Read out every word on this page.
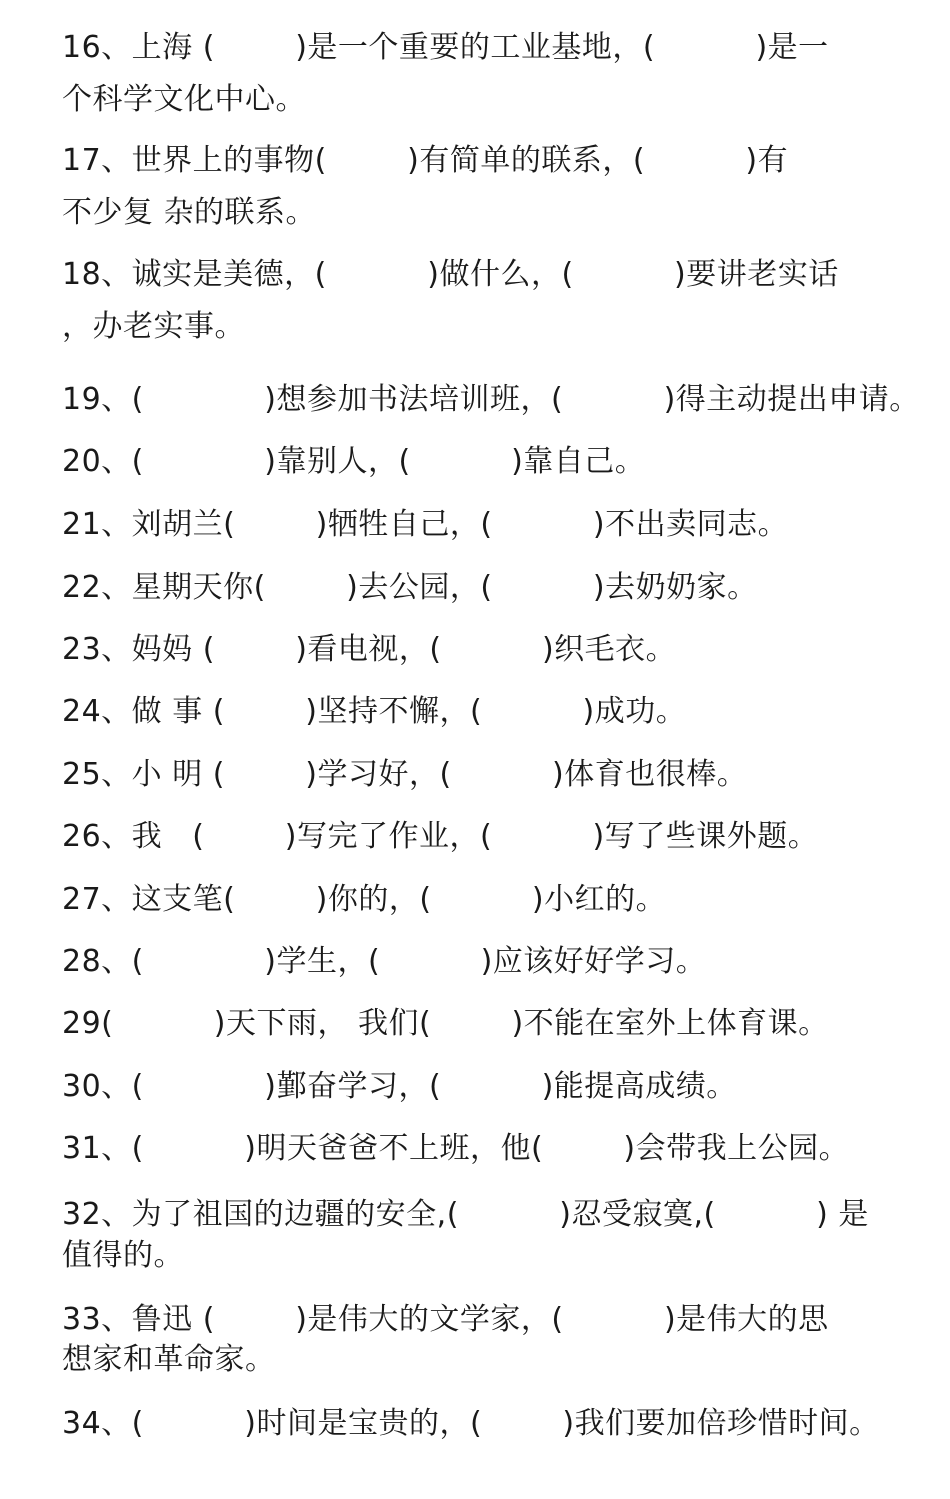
16、上海 (        )是一个重要的工业基地，(          )是一
个科学文化中心。
17、世界上的事物(        )有简单的联系，(          )有
不少复 杂的联系。
18、诚实是美德，(          )做什么，(          )要讲老实话
，办老实事。
19、(            )想参加书法培训班，(          )得主动提出申请。
20、(            )靠别人，(          )靠自己。
21、刘胡兰(        )牺牲自己，(          )不出卖同志。
22、星期天你(        )去公园，(          )去奶奶家。
23、妈妈 (        )看电视，(          )织毛衣。
24、做 事 (        )坚持不懈，(          )成功。
25、小 明 (        )学习好，(          )体育也很棒。
26、我   (        )写完了作业，(          )写了些课外题。
27、这支笔(        )你的，(          )小红的。
28、(            )学生，(          )应该好好学习。
29(          )天下雨， 我们(        )不能在室外上体育课。
30、(            )鄞奋学习，(          )能提高成绩。
31、(          )明天爸爸不上班，他(        )会带我上公园。
32、为了祖国的边疆的安全,(          )忍受寂寞,(          ) 是
值得的。
33、鲁迅 (        )是伟大的文学家，(          )是伟大的思
想家和革命家。
34、(          )时间是宝贵的，(        )我们要加倍珍惜时间。
